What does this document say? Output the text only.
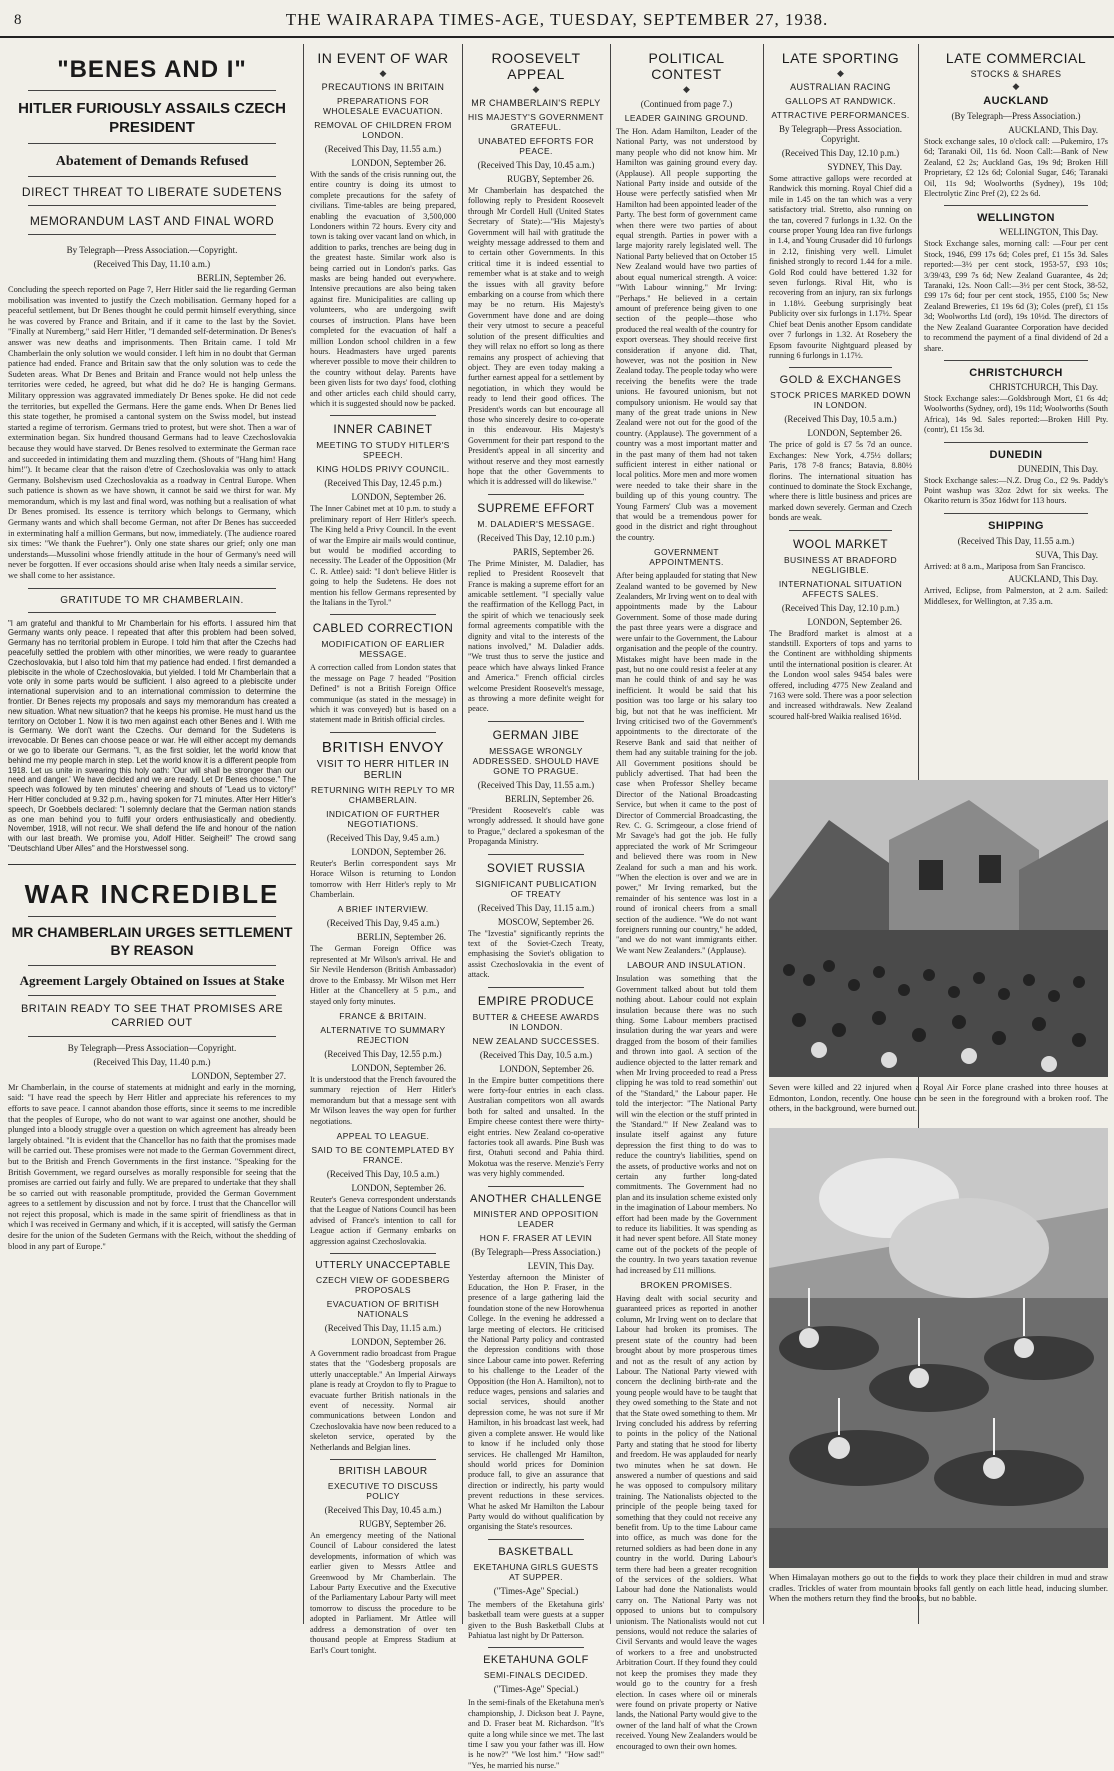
8	THE WAIRARAPA TIMES-AGE, TUESDAY, SEPTEMBER 27, 1938.
"BENES AND I"
HITLER FURIOUSLY ASSAILS CZECH PRESIDENT
Abatement of Demands Refused
DIRECT THREAT TO LIBERATE SUDETENS
MEMORANDUM LAST AND FINAL WORD
By Telegraph—Press Association.—Copyright.
(Received This Day, 11.10 a.m.)
BERLIN, September 26.
Concluding the speech reported on Page 7, Herr Hitler said the lie regarding German mobilisation was invented to justify the Czech mobilisation. Germany hoped for a peaceful settlement, but Dr Benes thought he could permit himself everything, since he was covered by France and Britain, and if it came to the last by the Soviet. "Finally at Nuremberg," said Herr Hitler, "I demanded self-determination. Dr Benes's answer was new deaths and imprisonments. Then Britain came. I told Mr Chamberlain the only solution we would consider. I left him in no doubt that German patience had ended. France and Britain saw that the only solution was to cede the Sudeten areas. What Dr Benes and Britain and France would not help unless the territories were ceded, he agreed, but what did he do? He is hanging Germans. Military oppression was aggravated immediately Dr Benes spoke. He did not cede the territories, but expelled the Germans. Here the game ends. When Dr Benes lied this state together, he promised a cantonal system on the Swiss model, but instead started a regime of terrorism. Germans tried to protest, but were shot. Then a war of extermination began. Six hundred thousand Germans had to leave Czechoslovakia because they would have starved. Dr Benes resolved to exterminate the German race and succeeded in intimidating them and muzzling them. (Shouts of "Hang him! Hang him!"). It became clear that the raison d'etre of Czechoslovakia was only to attack Germany. Bolshevism used Czechoslovakia as a roadway in Central Europe. When such patience is shown as we have shown, it cannot be said we thirst for war. My memorandum, which is my last and final word, was nothing but a realisation of what Dr Benes promised. Its essence is territory which belongs to Germany, which Germany wants and which shall become German, not after Dr Benes has succeeded in exterminating half a million Germans, but now, immediately. (The audience roared six times: "We thank the Fuehrer"). Only one state shares our grief; only one man understands—Mussolini whose friendly attitude in the hour of Germany's need will never be forgotten. If ever occasions should arise when Italy needs a similar service, we shall come to her assistance.
GRATITUDE TO MR CHAMBERLAIN.
"I am grateful and thankful to Mr Chamberlain for his efforts. I assured him that Germany wants only peace. I repeated that after this problem had been solved, Germany has no territorial problem in Europe. I told him that after the Czechs had peacefully settled the problem with other minorities, we were ready to guarantee Czechoslovakia, but I also told him that my patience had ended. I first demanded a plebiscite in the whole of Czechoslovakia, but yielded. I told Mr Chamberlain that a vote only in some parts would be sufficient. I also agreed to a plebiscite under international supervision and to an international commission to determine the frontier. Dr Benes rejects my proposals and says my memorandum has created a new situation. What new situation? that he keeps his promise. He must hand us the territory on October 1. Now it is two men against each other Benes and I. With me is Germany. We don't want the Czechs. Our demand for the Sudetens is irrevocable. Dr Benes can choose peace or war. He will either accept my demands or we go to liberate our Germans. "I, as the first soldier, let the world know that behind me my people march in step. Let the world know it is a different people from 1918. Let us unite in swearing this holy oath: 'Our will shall be stronger than our need and danger.' We have decided and we are ready. Let Dr Benes choose." The speech was followed by ten minutes' cheering and shouts of "Lead us to victory!" Herr Hitler concluded at 9.32 p.m., having spoken for 71 minutes. After Herr Hitler's speech, Dr Goebbels declared: "I solemnly declare that the German nation stands as one man behind you to fulfil your orders enthusiastically and obediently. November, 1918, will not recur. We shall defend the life and honour of the nation with our last breath. We promise you, Adolf Hitler. Seigheil!" The crowd sang "Deutschland Uber Alles" and the Horstwessel song.
WAR INCREDIBLE
MR CHAMBERLAIN URGES SETTLEMENT BY REASON
Agreement Largely Obtained on Issues at Stake
BRITAIN READY TO SEE THAT PROMISES ARE CARRIED OUT
By Telegraph—Press Association—Copyright.
(Received This Day, 11.40 p.m.)
LONDON, September 27.
Mr Chamberlain, in the course of statements at midnight and early in the morning, said: "I have read the speech by Herr Hitler and appreciate his references to my efforts to save peace. I cannot abandon those efforts, since it seems to me incredible that the peoples of Europe, who do not want to war against one another, should be plunged into a bloody struggle over a question on which agreement has already been largely obtained. "It is evident that the Chancellor has no faith that the promises made will be carried out. These promises were not made to the German Government direct, but to the British and French Governments in the first instance. "Speaking for the British Government, we regard ourselves as morally responsible for seeing that the promises are carried out fairly and fully. We are prepared to undertake that they shall be so carried out with reasonable promptitude, provided the German Government agrees to a settlement by discussion and not by force. I trust that the Chancellor will not reject this proposal, which is made in the same spirit of friendliness as that in which I was received in Germany and which, if it is accepted, will satisfy the German desire for the union of the Sudeten Germans with the Reich, without the shedding of blood in any part of Europe."
IN EVENT OF WAR
◆
PRECAUTIONS IN BRITAIN
PREPARATIONS FOR WHOLESALE EVACUATION.
REMOVAL OF CHILDREN FROM LONDON.
(Received This Day, 11.55 a.m.)
LONDON, September 26.
With the sands of the crisis running out, the entire country is doing its utmost to complete precautions for the safety of civilians. Time-tables are being prepared, enabling the evacuation of 3,500,000 Londoners within 72 hours. Every city and town is taking over vacant land on which, in addition to parks, trenches are being dug in the greatest haste. Similar work also is being carried out in London's parks. Gas masks are being handed out everywhere. Intensive precautions are also being taken against fire. Municipalities are calling up volunteers, who are undergoing swift courses of instruction. Plans have been completed for the evacuation of half a million London school children in a few hours. Headmasters have urged parents wherever possible to move their children to the country without delay. Parents have been given lists for two days' food, clothing and other articles each child should carry, which it is suggested should now be packed.
INNER CABINET
MEETING TO STUDY HITLER'S SPEECH.
KING HOLDS PRIVY COUNCIL.
(Received This Day, 12.45 p.m.)
LONDON, September 26.
The Inner Cabinet met at 10 p.m. to study a preliminary report of Herr Hitler's speech. The King held a Privy Council. In the event of war the Empire air mails would continue, but would be modified according to necessity. The Leader of the Opposition (Mr C. R. Attlee) said: "I don't believe Hitler is going to help the Sudetens. He does not mention his fellow Germans represented by the Italians in the Tyrol."
CABLED CORRECTION
MODIFICATION OF EARLIER MESSAGE.
A correction called from London states that the message on Page 7 headed "Position Defined" is not a British Foreign Office communique (as stated in the message) in which it was conveyed) but is based on a statement made in British official circles.
BRITISH ENVOY
VISIT TO HERR HITLER IN BERLIN
RETURNING WITH REPLY TO MR CHAMBERLAIN.
INDICATION OF FURTHER NEGOTIATIONS.
(Received This Day, 9.45 a.m.)
LONDON, September 26.
Reuter's Berlin correspondent says Mr Horace Wilson is returning to London tomorrow with Herr Hitler's reply to Mr Chamberlain.
A BRIEF INTERVIEW.
(Received This Day, 9.45 a.m.)
BERLIN, September 26.
The German Foreign Office was represented at Mr Wilson's arrival. He and Sir Nevile Henderson (British Ambassador) drove to the Embassy. Mr Wilson met Herr Hitler at the Chancellery at 5 p.m., and stayed only forty minutes.
FRANCE & BRITAIN.
ALTERNATIVE TO SUMMARY REJECTION
(Received This Day, 12.55 p.m.)
LONDON, September 26.
It is understood that the French favoured the summary rejection of Herr Hitler's memorandum but that a message sent with Mr Wilson leaves the way open for further negotiations.
APPEAL TO LEAGUE.
SAID TO BE CONTEMPLATED BY FRANCE.
(Received This Day, 10.5 a.m.)
LONDON, September 26.
Reuter's Geneva correspondent understands that the League of Nations Council has been advised of France's intention to call for League action if Germany embarks on aggression against Czechoslovakia.
UTTERLY UNACCEPTABLE
CZECH VIEW OF GODESBERG PROPOSALS
EVACUATION OF BRITISH NATIONALS
(Received This Day, 11.15 a.m.)
LONDON, September 26.
A Government radio broadcast from Prague states that the "Godesberg proposals are utterly unacceptable." An Imperial Airways plane is ready at Croydon to fly to Prague to evacuate further British nationals in the event of necessity. Normal air communications between London and Czechoslovakia have now been reduced to a skeleton service, operated by the Netherlands and Belgian lines.
BRITISH LABOUR
EXECUTIVE TO DISCUSS POLICY
(Received This Day, 10.45 a.m.)
RUGBY, September 26.
An emergency meeting of the National Council of Labour considered the latest developments, information of which was earlier given to Messrs Attlee and Greenwood by Mr Chamberlain. The Labour Party Executive and the Executive of the Parliamentary Labour Party will meet tomorrow to discuss the procedure to be adopted in Parliament. Mr Attlee will address a demonstration of over ten thousand people at Empress Stadium at Earl's Court tonight.
ROOSEVELT APPEAL
◆
MR CHAMBERLAIN'S REPLY
HIS MAJESTY'S GOVERNMENT GRATEFUL.
UNABATED EFFORTS FOR PEACE.
(Received This Day, 10.45 a.m.)
RUGBY, September 26.
Mr Chamberlain has despatched the following reply to President Roosevelt through Mr Cordell Hull (United States Secretary of State):—"His Majesty's Government will hail with gratitude the weighty message addressed to them and to certain other Governments. In this critical time it is indeed essential to remember what is at stake and to weigh the issues with all gravity before embarking on a course from which there may be no return. His Majesty's Government have done and are doing their very utmost to secure a peaceful solution of the present difficulties and they will relax no effort so long as there remains any prospect of achieving that object. They are even today making a further earnest appeal for a settlement by negotiation, in which they would be ready to lend their good offices. The President's words can but encourage all those who sincerely desire to co-operate in this endeavour. His Majesty's Government for their part respond to the President's appeal in all sincerity and without reserve and they most earnestly hope that the other Governments to which it is addressed will do likewise."
SUPREME EFFORT
M. DALADIER'S MESSAGE.
(Received This Day, 12.10 p.m.)
PARIS, September 26.
The Prime Minister, M. Daladier, has replied to President Roosevelt that France is making a supreme effort for an amicable settlement. "I specially value the reaffirmation of the Kellogg Pact, in the spirit of which we tenaciously seek formal agreements compatible with the dignity and vital to the interests of the nations involved," M. Daladier adds. "We trust thus to serve the justice and peace which have always linked France and America." French official circles welcome President Roosevelt's message, as throwing a more definite weight for peace.
GERMAN JIBE
MESSAGE WRONGLY ADDRESSED. SHOULD HAVE GONE TO PRAGUE.
(Received This Day, 11.55 a.m.)
BERLIN, September 26.
"President Roosevelt's cable was wrongly addressed. It should have gone to Prague," declared a spokesman of the Propaganda Ministry.
SOVIET RUSSIA
SIGNIFICANT PUBLICATION OF TREATY
(Received This Day, 11.15 a.m.)
MOSCOW, September 26.
The "Izvestia" significantly reprints the text of the Soviet-Czech Treaty, emphasising the Soviet's obligation to assist Czechoslovakia in the event of attack.
EMPIRE PRODUCE
BUTTER & CHEESE AWARDS IN LONDON.
NEW ZEALAND SUCCESSES.
(Received This Day, 10.5 a.m.)
LONDON, September 26.
In the Empire butter competitions there were forty-four entries in each class. Australian competitors won all awards both for salted and unsalted. In the Empire cheese contest there were thirty-eight entries. New Zealand co-operative factories took all awards. Pine Bush was first, Otahuti second and Pahia third. Mokotua was the reserve. Menzie's Ferry was very highly commended.
ANOTHER CHALLENGE
MINISTER AND OPPOSITION LEADER
HON F. FRASER AT LEVIN
(By Telegraph—Press Association.)
LEVIN, This Day.
Yesterday afternoon the Minister of Education, the Hon P. Fraser, in the presence of a large gathering laid the foundation stone of the new Horowhenua College. In the evening he addressed a large meeting of electors. He criticised the National Party policy and contrasted the depression conditions with those since Labour came into power. Referring to his challenge to the Leader of the Opposition (the Hon A. Hamilton), not to reduce wages, pensions and salaries and social services, should another depression come, he was not sure if Mr Hamilton, in his broadcast last week, had given a complete answer. He would like to know if he included only those services. He challenged Mr Hamilton, should world prices for Dominion produce fall, to give an assurance that direction or indirectly, his party would prevent reductions in these services. What he asked Mr Hamilton the Labour Party would do without qualification by organising the State's resources.
BASKETBALL
EKETAHUNA GIRLS GUESTS AT SUPPER.
("Times-Age" Special.)
The members of the Eketahuna girls' basketball team were guests at a supper given to the Bush Basketball Clubs at Pahiatua last night by Dr Patterson.
EKETAHUNA GOLF
SEMI-FINALS DECIDED.
("Times-Age" Special.)
In the semi-finals of the Eketahuna men's championship, J. Dickson beat J. Payne, and D. Fraser beat M. Richardson. "It's quite a long while since we met. The last time I saw you your father was ill. How is he now?" "We lost him." "How sad!" "Yes, he married his nurse."
POLITICAL CONTEST
◆
(Continued from page 7.)
LEADER GAINING GROUND.
The Hon. Adam Hamilton, Leader of the National Party, was not understood by many people who did not know him. Mr Hamilton was gaining ground every day. (Applause). All people supporting the National Party inside and outside of the House were perfectly satisfied when Mr Hamilton had been appointed leader of the Party. The best form of government came when there were two parties of about equal strength. Parties in power with a large majority rarely legislated well. The National Party believed that on October 15 New Zealand would have two parties of about equal numerical strength. A voice: "With Labour winning." Mr Irving: "Perhaps." He believed in a certain amount of preference being given to one section of the people—those who produced the real wealth of the country for export overseas. They should receive first consideration if anyone did. That, however, was not the position in New Zealand today. The people today who were receiving the benefits were the trade unions. He favoured unionism, but not compulsory unionism. He would say that many of the great trade unions in New Zealand were not out for the good of the country. (Applause). The government of a country was a most important matter and in the past many of them had not taken sufficient interest in either national or local politics. More men and more women were needed to take their share in the building up of this young country. The Young Farmers' Club was a movement that would be a tremendous power for good in the district and right throughout the country.
GOVERNMENT APPOINTMENTS.
After being applauded for stating that New Zealand wanted to be governed by New Zealanders, Mr Irving went on to deal with appointments made by the Labour Government. Some of those made during the past three years were a disgrace and were unfair to the Government, the Labour organisation and the people of the country. Mistakes might have been made in the past, but no one could resist a feeler at any man he could think of and say he was inefficient. It would be said that his position was too large or his salary too big, but not that he was inefficient. Mr Irving criticised two of the Government's appointments to the directorate of the Reserve Bank and said that neither of them had any suitable training for the job. All Government positions should be publicly advertised. That had been the case when Professor Shelley became Director of the National Broadcasting Service, but when it came to the post of Director of Commercial Broadcasting, the Rev. C. G. Scrimgeour, a close friend of Mr Savage's had got the job. He fully appreciated the work of Mr Scrimgeour and believed there was room in New Zealand for such a man and his work. "When the election is over and we are in power," Mr Irving remarked, but the remainder of his sentence was lost in a round of ironical cheers from a small section of the audience. "We do not want foreigners running our country," he added, "and we do not want immigrants either. We want New Zealanders." (Applause).
LABOUR AND INSULATION.
Insulation was something that the Government talked about but told them nothing about. Labour could not explain insulation because there was no such thing. Some Labour members practised insulation during the war years and were dragged from the bosom of their families and thrown into gaol. A section of the audience objected to the latter remark and when Mr Irving proceeded to read a Press clipping he was told to read somethin' out of the "Standard," the Labour paper. He told the interjector: "The National Party will win the election or the stuff printed in the 'Standard.'" If New Zealand was to insulate itself against any future depression the first thing to do was to reduce the country's liabilities, spend on the assets, of productive works and not on certain any further long-dated commitments. The Government had no plan and its insulation scheme existed only in the imagination of Labour members. No effort had been made by the Government to reduce its liabilities. It was spending as it had never spent before. All State money came out of the pockets of the people of the country. In two years taxation revenue had increased by £11 millions.
BROKEN PROMISES.
Having dealt with social security and guaranteed prices as reported in another column, Mr Irving went on to declare that Labour had broken its promises. The present state of the country had been brought about by more prosperous times and not as the result of any action by Labour. The National Party viewed with concern the declining birth-rate and the young people would have to be taught that they owed something to the State and not that the State owed something to them. Mr Irving concluded his address by referring to points in the policy of the National Party and stating that he stood for liberty and freedom. He was applauded for nearly two minutes when he sat down. He answered a number of questions and said he was opposed to compulsory military training. The Nationalists objected to the principle of the people being taxed for something that they could not receive any benefit from. Up to the time Labour came into office, as much was done for the returned soldiers as had been done in any country in the world. During Labour's term there had been a greater recognition of the services of the soldiers. What Labour had done the Nationalists would carry on. The National Party was not opposed to unions but to compulsory unionism. The Nationalists would not cut pensions, would not reduce the salaries of Civil Servants and would leave the wages of workers to a free and unobstructed Arbitration Court. If they found they could not keep the promises they made they would go to the country for a fresh election. In cases where oil or minerals were found on private property or Native lands, the National Party would give to the owner of the land half of what the Crown received. Young New Zealanders would be encouraged to own their own homes.
LATE SPORTING
◆
AUSTRALIAN RACING
GALLOPS AT RANDWICK.
ATTRACTIVE PERFORMANCES.
By Telegraph—Press Association. Copyright.
(Received This Day, 12.10 p.m.)
SYDNEY, This Day.
Some attractive gallops were recorded at Randwick this morning. Royal Chief did a mile in 1.45 on the tan which was a very satisfactory trial. Stretto, also running on the tan, covered 7 furlongs in 1.32. On the course proper Young Idea ran five furlongs in 1.4, and Young Crusader did 10 furlongs in 2.12, finishing very well. Limulet finished strongly to record 1.44 for a mile. Gold Rod could have bettered 1.32 for seven furlongs. Rival Hit, who is recovering from an injury, ran six furlongs in 1.18½. Geebung surprisingly beat Publicity over six furlongs in 1.17½. Spear Chief beat Denis another Epsom candidate over 7 furlongs in 1.32. At Rosebery the Epsom favourite Nightguard pleased by running 6 furlongs in 1.17½.
GOLD & EXCHANGES
STOCK PRICES MARKED DOWN IN LONDON.
(Received This Day, 10.5 a.m.)
LONDON, September 26.
The price of gold is £7 5s 7d an ounce. Exchanges: New York, 4.75½ dollars; Paris, 178 7-8 francs; Batavia, 8.80½ florins. The international situation has continued to dominate the Stock Exchange, where there is little business and prices are marked down severely. German and Czech bonds are weak.
WOOL MARKET
BUSINESS AT BRADFORD NEGLIGIBLE.
INTERNATIONAL SITUATION AFFECTS SALES.
(Received This Day, 12.10 p.m.)
LONDON, September 26.
The Bradford market is almost at a standstill. Exporters of tops and yarns to the Continent are withholding shipments until the international position is clearer. At the London wool sales 9454 bales were offered, including 4775 New Zealand and 7163 were sold. There was a poor selection and increased withdrawals. New Zealand scoured half-bred Waikia realised 16½d.
LATE COMMERCIAL
STOCKS & SHARES
◆
AUCKLAND
(By Telegraph—Press Association.)
AUCKLAND, This Day.
Stock exchange sales, 10 o'clock call: —Pukemiro, 17s 6d; Taranaki Oil, 11s 6d. Noon Call:—Bank of New Zealand, £2 2s; Auckland Gas, 19s 9d; Broken Hill Proprietary, £2 12s 6d; Colonial Sugar, £46; Taranaki Oil, 11s 9d; Woolworths (Sydney), 19s 10d; Electrolytic Zinc Pref (2), £2 2s 6d.
WELLINGTON
WELLINGTON, This Day.
Stock Exchange sales, morning call: —Four per cent Stock, 1946, £99 17s 6d; Coles pref, £1 15s 3d. Sales reported:—3½ per cent stock, 1953-57, £93 10s; 3/39/43, £99 7s 6d; New Zealand Guarantee, 4s 2d; Taranaki, 12s. Noon Call:—3½ per cent Stock, 38-52, £99 17s 6d; four per cent stock, 1955, £100 5s; New Zealand Breweries, £1 19s 6d (3); Coles (pref), £1 15s 3d; Woolworths Ltd (ord), 19s 10½d. The directors of the New Zealand Guarantee Corporation have decided to recommend the payment of a final dividend of 2d a share.
CHRISTCHURCH
CHRISTCHURCH, This Day.
Stock Exchange sales:—Goldsbrough Mort, £1 6s 4d; Woolworths (Sydney, ord), 19s 11d; Woolworths (South Africa), 14s 9d. Sales reported:—Broken Hill Pty. (contr), £1 15s 3d.
DUNEDIN
DUNEDIN, This Day.
Stock Exchange sales:—N.Z. Drug Co., £2 9s. Paddy's Point washup was 32oz 2dwt for six weeks. The Okarito return is 35oz 16dwt for 113 hours.
SHIPPING
(Received This Day, 11.55 a.m.)
SUVA, This Day.
Arrived: at 8 a.m., Mariposa from San Francisco.
AUCKLAND, This Day.
Arrived, Eclipse, from Palmerston, at 2 a.m. Sailed: Middlesex, for Wellington, at 7.35 a.m.
Seven were killed and 22 injured when a Royal Air Force plane crashed into three houses at Edmonton, London, recently. One house can be seen in the foreground with a broken roof. The others, in the background, were burned out.
When Himalayan mothers go out to the fields to work they place their children in mud and straw cradles. Trickles of water from mountain brooks fall gently on each little head, inducing slumber. When the mothers return they find the brooks, but no babble.
